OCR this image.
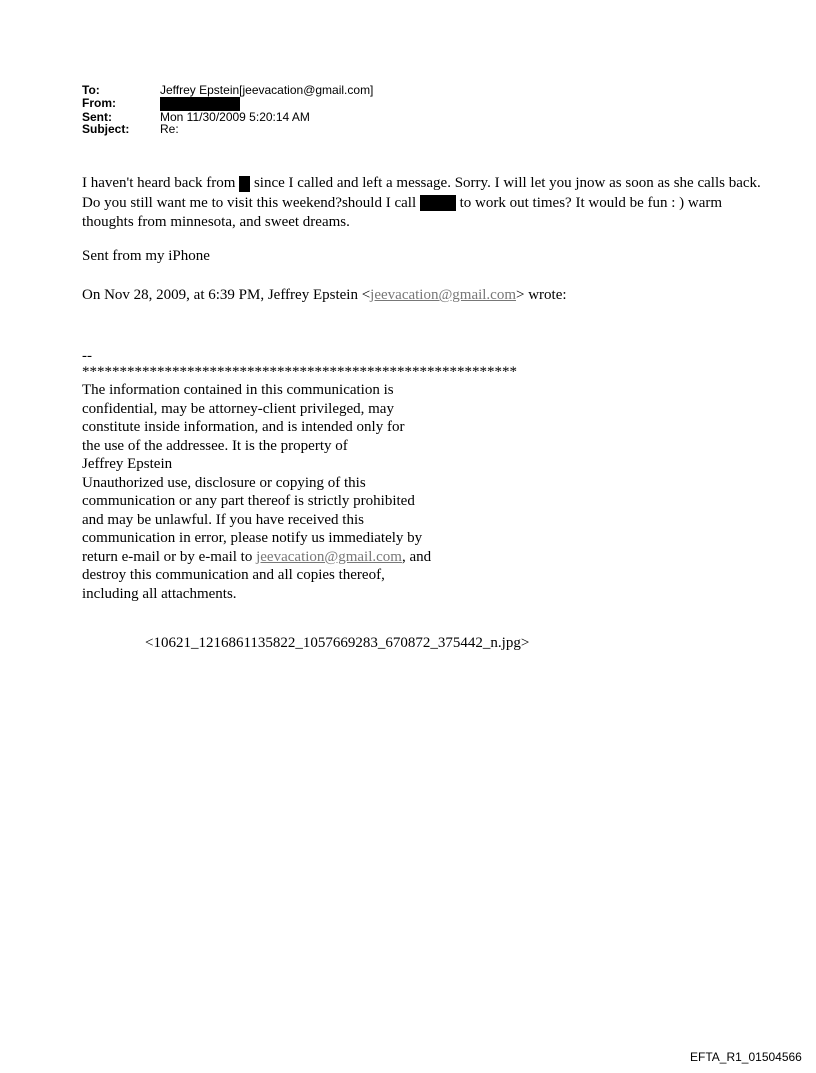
To:	Jeffrey Epstein[jeevacation@gmail.com]
From:
Sent:	Mon 11/30/2009 5:20:14 AM
Subject:	Re:
I haven't heard back from  since I called and left a message. Sorry. I will let you jnow as soon as she calls back. Do you still want me to visit this weekend?should I call  to work out times? It would be fun : ) warm thoughts from minnesota, and sweet dreams.
Sent from my iPhone
On Nov 28, 2009, at 6:39 PM, Jeffrey Epstein <jeevacation@gmail.com> wrote:
--
**********************************************************
The information contained in this communication is
confidential, may be attorney-client privileged, may
constitute inside information, and is intended only for
the use of the addressee. It is the property of
Jeffrey Epstein
Unauthorized use, disclosure or copying of this
communication or any part thereof is strictly prohibited
and may be unlawful. If you have received this
communication in error, please notify us immediately by
return e-mail or by e-mail to jeevacation@gmail.com, and
destroy this communication and all copies thereof,
including all attachments.
<10621_1216861135822_1057669283_670872_375442_n.jpg>
EFTA_R1_01504566
